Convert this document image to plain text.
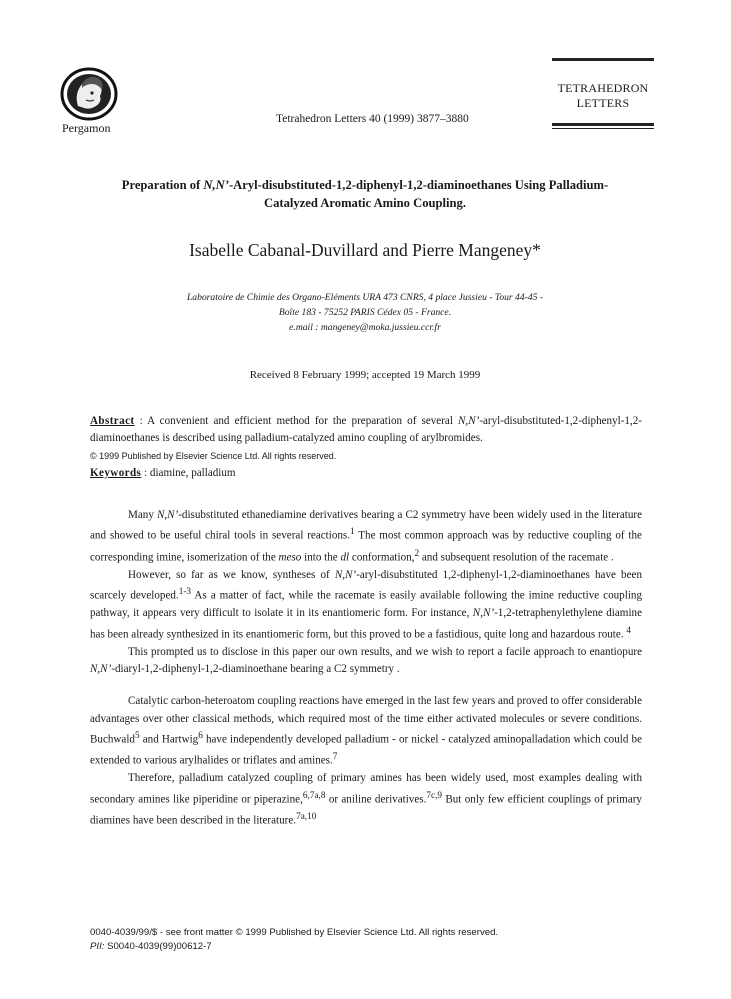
Pergamon
Tetrahedron Letters 40 (1999) 3877–3880
TETRAHEDRON
LETTERS
Preparation of N,N’-Aryl-disubstituted-1,2-diphenyl-1,2-diaminoethanes Using Palladium-Catalyzed Aromatic Amino Coupling.
Isabelle Cabanal-Duvillard and Pierre Mangeney*
Laboratoire de Chimie des Organo-Eléments URA 473 CNRS, 4 place Jussieu - Tour 44-45 -
Boîte 183 - 75252 PARIS Cédex 05 - France.
e.mail : mangeney@moka.jussieu.ccr.fr
Received 8 February 1999; accepted 19 March 1999
Abstract : A convenient and efficient method for the preparation of several N,N’-aryl-disubstituted-1,2-diphenyl-1,2-diaminoethanes is described using palladium-catalyzed amino coupling of arylbromides.
© 1999 Published by Elsevier Science Ltd. All rights reserved.
Keywords : diamine, palladium
Many N,N’-disubstituted ethanediamine derivatives bearing a C2 symmetry have been widely used in the literature and showed to be useful chiral tools in several reactions.$^1$ The most common approach was by reductive coupling of the corresponding imine, isomerization of the meso into the dl conformation,$^2$ and subsequent resolution of the racemate .
However, so far as we know, syntheses of N,N’-aryl-disubstituted 1,2-diphenyl-1,2-diaminoethanes have been scarcely developed.$^{1-3}$ As a matter of fact, while the racemate is easily available following the imine reductive coupling pathway, it appears very difficult to isolate it in its enantiomeric form. For instance, N,N’-1,2-tetraphenylethylene diamine has been already synthesized in its enantiomeric form, but this proved to be a fastidious, quite long and hazardous route. $^4$
This prompted us to disclose in this paper our own results, and we wish to report a facile approach to enantiopure N,N’-diaryl-1,2-diphenyl-1,2-diaminoethane bearing a C2 symmetry .
Catalytic carbon-heteroatom coupling reactions have emerged in the last few years and proved to offer considerable advantages over other classical methods, which required most of the time either activated molecules or severe conditions. Buchwald$^5$ and Hartwig$^6$ have independently developed palladium - or nickel - catalyzed aminopalladation which could be extended to various arylhalides or triflates and amines.$^7$
Therefore, palladium catalyzed coupling of primary amines has been widely used, most examples dealing with secondary amines like piperidine or piperazine,$^{6,7a,8}$ or aniline derivatives.$^{7c,9}$ But only few efficient couplings of primary diamines have been described in the literature.$^{7a,10}$
0040-4039/99/$ - see front matter © 1999 Published by Elsevier Science Ltd. All rights reserved.
PII: S0040-4039(99)00612-7
